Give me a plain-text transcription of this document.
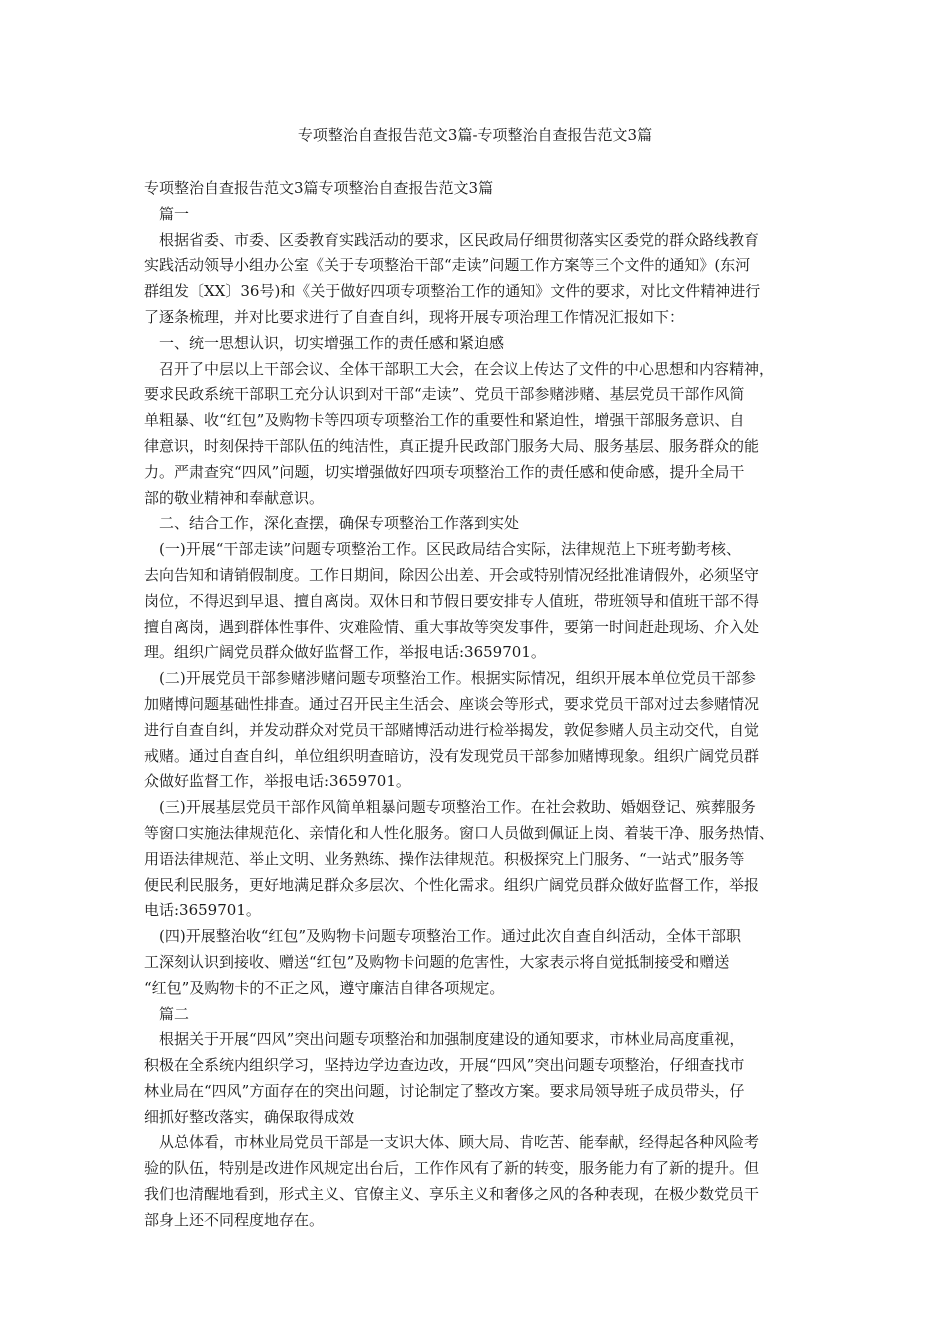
专项整治自查报告范文3篇-专项整治自查报告范文3篇

专项整治自查报告范文3篇专项整治自查报告范文3篇

　篇一

　根据省委、市委、区委教育实践活动的要求，区民政局仔细贯彻落实区委党的群众路线教育

实践活动领导小组办公室《关于专项整治干部“走读”问题工作方案等三个文件的通知》(东河

群组发〔XX〕36号)和《关于做好四项专项整治工作的通知》文件的要求，对比文件精神进行

了逐条梳理，并对比要求进行了自查自纠，现将开展专项治理工作情况汇报如下：

　一、统一思想认识，切实增强工作的责任感和紧迫感

　召开了中层以上干部会议、全体干部职工大会，在会议上传达了文件的中心思想和内容精神，

要求民政系统干部职工充分认识到对干部“走读”、党员干部参赌涉赌、基层党员干部作风简

单粗暴、收“红包”及购物卡等四项专项整治工作的重要性和紧迫性，增强干部服务意识、自

律意识，时刻保持干部队伍的纯洁性，真正提升民政部门服务大局、服务基层、服务群众的能

力。严肃查究“四风”问题，切实增强做好四项专项整治工作的责任感和使命感，提升全局干

部的敬业精神和奉献意识。

　二、结合工作，深化查摆，确保专项整治工作落到实处

　(一)开展“干部走读”问题专项整治工作。区民政局结合实际，法律规范上下班考勤考核、

去向告知和请销假制度。工作日期间，除因公出差、开会或特别情况经批准请假外，必须坚守

岗位，不得迟到早退、擅自离岗。双休日和节假日要安排专人值班，带班领导和值班干部不得

擅自离岗，遇到群体性事件、灾难险情、重大事故等突发事件，要第一时间赶赴现场、介入处

理。组织广阔党员群众做好监督工作，举报电话:3659701。

　(二)开展党员干部参赌涉赌问题专项整治工作。根据实际情况，组织开展本单位党员干部参

加赌博问题基础性排查。通过召开民主生活会、座谈会等形式，要求党员干部对过去参赌情况

进行自查自纠，并发动群众对党员干部赌博活动进行检举揭发，敦促参赌人员主动交代，自觉

戒赌。通过自查自纠，单位组织明查暗访，没有发现党员干部参加赌博现象。组织广阔党员群

众做好监督工作，举报电话:3659701。

　(三)开展基层党员干部作风简单粗暴问题专项整治工作。在社会救助、婚姻登记、殡葬服务

等窗口实施法律规范化、亲情化和人性化服务。窗口人员做到佩证上岗、着装干净、服务热情、

用语法律规范、举止文明、业务熟练、操作法律规范。积极探究上门服务、“一站式”服务等

便民利民服务，更好地满足群众多层次、个性化需求。组织广阔党员群众做好监督工作，举报

电话:3659701。

　(四)开展整治收“红包”及购物卡问题专项整治工作。通过此次自查自纠活动，全体干部职

工深刻认识到接收、赠送“红包”及购物卡问题的危害性，大家表示将自觉抵制接受和赠送

“红包”及购物卡的不正之风，遵守廉洁自律各项规定。

　篇二

　根据关于开展“四风”突出问题专项整治和加强制度建设的通知要求，市林业局高度重视，

积极在全系统内组织学习，坚持边学边查边改，开展“四风”突出问题专项整治，仔细查找市

林业局在“四风”方面存在的突出问题，讨论制定了整改方案。要求局领导班子成员带头，仔

细抓好整改落实，确保取得成效

　从总体看，市林业局党员干部是一支识大体、顾大局、肯吃苦、能奉献，经得起各种风险考

验的队伍，特别是改进作风规定出台后，工作作风有了新的转变，服务能力有了新的提升。但

我们也清醒地看到，形式主义、官僚主义、享乐主义和奢侈之风的各种表现，在极少数党员干

部身上还不同程度地存在。
